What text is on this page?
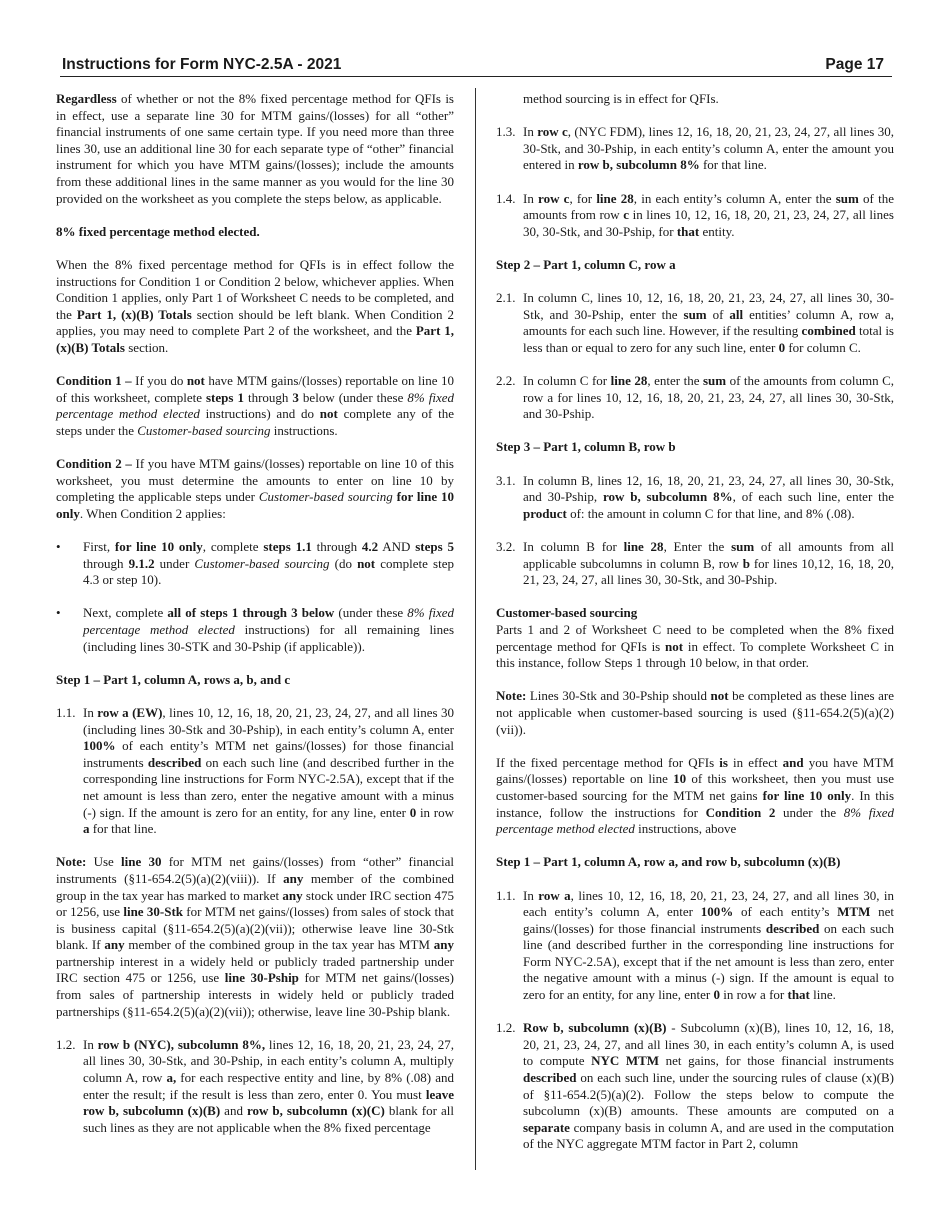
Instructions for Form NYC-2.5A - 2021	Page 17

Regardless of whether or not the 8% fixed percentage method for QFIs is in effect, use a separate line 30 for MTM gains/(losses) for all “other” financial instruments of one same certain type. If you need more than three lines 30, use an additional line 30 for each separate type of “other” financial instrument for which you have MTM gains/(losses); include the amounts from these additional lines in the same manner as you would for the line 30 provided on the worksheet as you complete the steps below, as applicable.

8% fixed percentage method elected.

When the 8% fixed percentage method for QFIs is in effect follow the instructions for Condition 1 or Condition 2 below, whichever applies. When Condition 1 applies, only Part 1 of Worksheet C needs to be completed, and the Part 1, (x)(B) Totals section should be left blank. When Condition 2 applies, you may need to complete Part 2 of the worksheet, and the Part 1, (x)(B) Totals section.

Condition 1 – If you do not have MTM gains/(losses) reportable on line 10 of this worksheet, complete steps 1 through 3 below (under these 8% fixed percentage method elected instructions) and do not complete any of the steps under the Customer-based sourcing instructions.

Condition 2 – If you have MTM gains/(losses) reportable on line 10 of this worksheet, you must determine the amounts to enter on line 10 by completing the applicable steps under Customer-based sourcing for line 10 only. When Condition 2 applies:

•	First, for line 10 only, complete steps 1.1 through 4.2 AND steps 5 through 9.1.2 under Customer-based sourcing (do not complete step 4.3 or step 10).
•	Next, complete all of steps 1 through 3 below (under these 8% fixed percentage method elected instructions) for all remaining lines (including lines 30-STK and 30-Pship (if applicable)).

Step 1 – Part 1, column A, rows a, b, and c

1.1. In row a (EW), lines 10, 12, 16, 18, 20, 21, 23, 24, 27, and all lines 30 (including lines 30-Stk and 30-Pship), in each entity’s column A, enter 100% of each entity’s MTM net gains/(losses) for those financial instruments described on each such line (and described further in the corresponding line instructions for Form NYC-2.5A), except that if the net amount is less than zero, enter the negative amount with a minus (-) sign. If the amount is zero for an entity, for any line, enter 0 in row a for that line.

Note: Use line 30 for MTM net gains/(losses) from “other” financial instruments (§11-654.2(5)(a)(2)(viii)). If any member of the combined group in the tax year has marked to market any stock under IRC section 475 or 1256, use line 30-Stk for MTM net gains/(losses) from sales of stock that is business capital (§11-654.2(5)(a)(2)(vii)); otherwise leave line 30-Stk blank. If any member of the combined group in the tax year has MTM any partnership interest in a widely held or publicly traded partnership under IRC section 475 or 1256, use line 30-Pship for MTM net gains/(losses) from sales of partnership interests in widely held or publicly traded partnerships (§11-654.2(5)(a)(2)(vii)); otherwise, leave line 30-Pship blank.

1.2. In row b (NYC), subcolumn 8%, lines 12, 16, 18, 20, 21, 23, 24, 27, all lines 30, 30-Stk, and 30-Pship, in each entity’s column A, multiply column A, row a, for each respective entity and line, by 8% (.08) and enter the result; if the result is less than zero, enter 0. You must leave row b, subcolumn (x)(B) and row b, subcolumn (x)(C) blank for all such lines as they are not applicable when the 8% fixed percentage

method sourcing is in effect for QFIs.

1.3. In row c, (NYC FDM), lines 12, 16, 18, 20, 21, 23, 24, 27, all lines 30, 30-Stk, and 30-Pship, in each entity’s column A, enter the amount you entered in row b, subcolumn 8% for that line.
1.4. In row c, for line 28, in each entity’s column A, enter the sum of the amounts from row c in lines 10, 12, 16, 18, 20, 21, 23, 24, 27, all lines 30, 30-Stk, and 30-Pship, for that entity.

Step 2 – Part 1, column C, row a

2.1. In column C, lines 10, 12, 16, 18, 20, 21, 23, 24, 27, all lines 30, 30-Stk, and 30-Pship, enter the sum of all entities’ column A, row a, amounts for each such line. However, if the resulting combined total is less than or equal to zero for any such line, enter 0 for column C.
2.2. In column C for line 28, enter the sum of the amounts from column C, row a for lines 10, 12, 16, 18, 20, 21, 23, 24, 27, all lines 30, 30-Stk, and 30-Pship.

Step 3 – Part 1, column B, row b

3.1. In column B, lines 12, 16, 18, 20, 21, 23, 24, 27, all lines 30, 30-Stk, and 30-Pship, row b, subcolumn 8%, of each such line, enter the product of: the amount in column C for that line, and 8% (.08).
3.2. In column B for line 28, Enter the sum of all amounts from all applicable subcolumns in column B, row b for lines 10,12, 16, 18, 20, 21, 23, 24, 27, all lines 30, 30-Stk, and 30-Pship.

Customer-based sourcing

Parts 1 and 2 of Worksheet C need to be completed when the 8% fixed percentage method for QFIs is not in effect. To complete Worksheet C in this instance, follow Steps 1 through 10 below, in that order.

Note: Lines 30-Stk and 30-Pship should not be completed as these lines are not applicable when customer-based sourcing is used (§11-654.2(5)(a)(2)(vii)).

If the fixed percentage method for QFIs is in effect and you have MTM gains/(losses) reportable on line 10 of this worksheet, then you must use customer-based sourcing for the MTM net gains for line 10 only. In this instance, follow the instructions for Condition 2 under the 8% fixed percentage method elected instructions, above

Step 1 – Part 1, column A, row a, and row b, subcolumn (x)(B)

1.1. In row a, lines 10, 12, 16, 18, 20, 21, 23, 24, 27, and all lines 30, in each entity’s column A, enter 100% of each entity’s MTM net gains/(losses) for those financial instruments described on each such line (and described further in the corresponding line instructions for Form NYC-2.5A), except that if the net amount is less than zero, enter the negative amount with a minus (-) sign. If the amount is equal to zero for an entity, for any line, enter 0 in row a for that line.
1.2. Row b, subcolumn (x)(B) - Subcolumn (x)(B), lines 10, 12, 16, 18, 20, 21, 23, 24, 27, and all lines 30, in each entity’s column A, is used to compute NYC MTM net gains, for those financial instruments described on each such line, under the sourcing rules of clause (x)(B) of §11-654.2(5)(a)(2). Follow the steps below to compute the subcolumn (x)(B) amounts. These amounts are computed on a separate company basis in column A, and are used in the computation of the NYC aggregate MTM factor in Part 2, column
